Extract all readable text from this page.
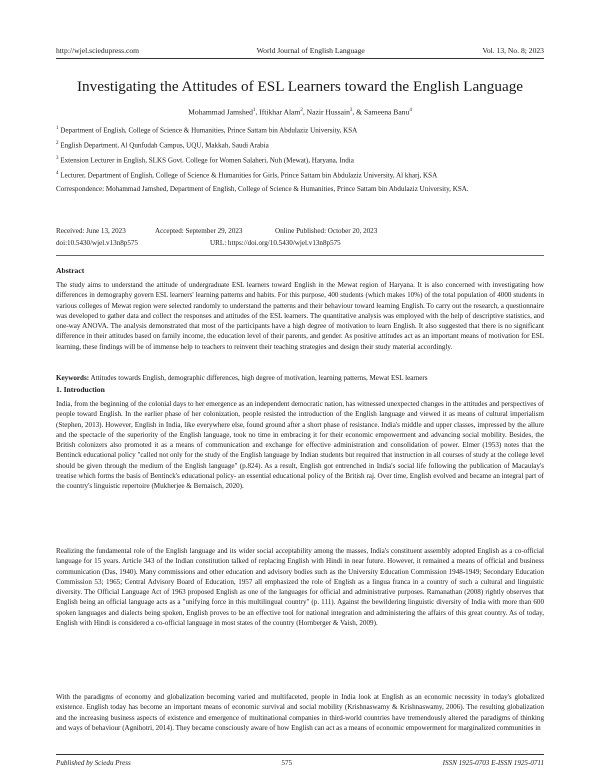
http://wjel.sciedupress.com	World Journal of English Language	Vol. 13, No. 8; 2023
Investigating the Attitudes of ESL Learners toward the English Language
Mohammad Jamshed$^1$, Iftikhar Alam$^2$, Nazir Hussain$^3$, & Sameena Banu$^4$
$^1$ Department of English, College of Science & Humanities, Prince Sattam bin Abdulaziz University, KSA
$^2$ English Department, Al Qunfudah Campus, UQU, Makkah, Saudi Arabia
$^3$ Extension Lecturer in English, SLKS Govt. College for Women Salaheri, Nuh (Mewat), Haryana, India
$^4$ Lecturer, Department of English, College of Science & Humanities for Girls, Prince Sattam bin Abdulaziz University, Al kharj, KSA
Correspondence: Mohammad Jamshed, Department of English, College of Science & Humanities, Prince Sattam bin Abdulaziz University, KSA.
Received: June 13, 2023	Accepted: September 29, 2023	Online Published: October 20, 2023
doi:10.5430/wjel.v13n8p575	URL: https://doi.org/10.5430/wjel.v13n8p575
Abstract
The study aims to understand the attitude of undergraduate ESL learners toward English in the Mewat region of Haryana. It is also concerned with investigating how differences in demography govern ESL learners' learning patterns and habits. For this purpose, 400 students (which makes 10%) of the total population of 4000 students in various colleges of Mewat region were selected randomly to understand the patterns and their behaviour toward learning English. To carry out the research, a questionnaire was developed to gather data and collect the responses and attitudes of the ESL learners. The quantitative analysis was employed with the help of descriptive statistics, and one-way ANOVA. The analysis demonstrated that most of the participants have a high degree of motivation to learn English. It also suggested that there is no significant difference in their attitudes based on family income, the education level of their parents, and gender. As positive attitudes act as an important means of motivation for ESL learning, these findings will be of immense help to teachers to reinvent their teaching strategies and design their study material accordingly.
Keywords: Attitudes towards English, demographic differences, high degree of motivation, learning patterns, Mewat ESL learners
1. Introduction
India, from the beginning of the colonial days to her emergence as an independent democratic nation, has witnessed unexpected changes in the attitudes and perspectives of people toward English. In the earlier phase of her colonization, people resisted the introduction of the English language and viewed it as means of cultural imperialism (Stephen, 2013). However, English in India, like everywhere else, found ground after a short phase of resistance. India's middle and upper classes, impressed by the allure and the spectacle of the superiority of the English language, took no time in embracing it for their economic empowerment and advancing social mobility. Besides, the British colonizers also promoted it as a means of communication and exchange for effective administration and consolidation of power. Elmer (1953) notes that the Bentinck educational policy "called not only for the study of the English language by Indian students but required that instruction in all courses of study at the college level should be given through the medium of the English language" (p.824). As a result, English got entrenched in India's social life following the publication of Macaulay's treatise which forms the basis of Bentinck's educational policy- an essential educational policy of the British raj. Over time, English evolved and became an integral part of the country's linguistic repertoire (Mukherjee & Bernaisch, 2020).
Realizing the fundamental role of the English language and its wider social acceptability among the masses, India's constituent assembly adopted English as a co-official language for 15 years. Article 343 of the Indian constitution talked of replacing English with Hindi in near future. However, it remained a means of official and business communication (Das, 1940). Many commissions and other education and advisory bodies such as the University Education Commission 1948-1949; Secondary Education Commission 53; 1965; Central Advisory Board of Education, 1957 all emphasized the role of English as a lingua franca in a country of such a cultural and linguistic diversity. The Official Language Act of 1963 proposed English as one of the languages for official and administrative purposes. Ramanathan (2008) rightly observes that English being an official language acts as a "unifying force in this multilingual country" (p. 111). Against the bewildering linguistic diversity of India with more than 600 spoken languages and dialects being spoken, English proves to be an effective tool for national integration and administering the affairs of this great country. As of today, English with Hindi is considered a co-official language in most states of the country (Hornberger & Vaish, 2009).
With the paradigms of economy and globalization becoming varied and multifaceted, people in India look at English as an economic necessity in today's globalized existence. English today has become an important means of economic survival and social mobility (Krishnaswamy & Krishnaswamy, 2006). The resulting globalization and the increasing business aspects of existence and emergence of multinational companies in third-world countries have tremendously altered the paradigms of thinking and ways of behaviour (Agnihotri, 2014). They became consciously aware of how English can act as a means of economic empowerment for marginalized communities in
Published by Sciedu Press	575	ISSN 1925-0703 E-ISSN 1925-0711
